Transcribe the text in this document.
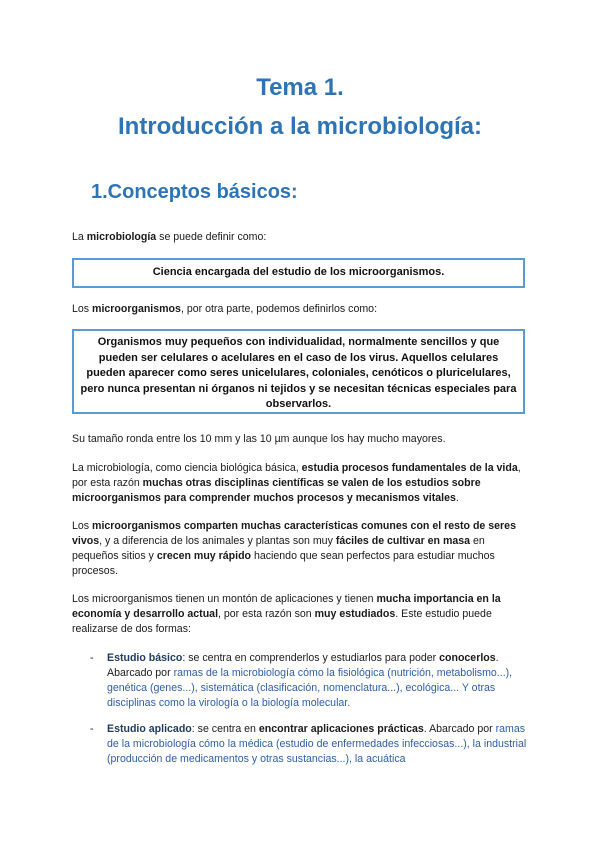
Tema 1.
Introducción a la microbiología:
1.Conceptos básicos:

La microbiología se puede definir como:

Ciencia encargada del estudio de los microorganismos.

Los microorganismos, por otra parte, podemos definirlos como:

Organismos muy pequeños con individualidad, normalmente sencillos y que pueden ser celulares o acelulares en el caso de los virus. Aquellos celulares pueden aparecer como seres unicelulares, coloniales, cenóticos o pluricelulares, pero nunca presentan ni órganos ni tejidos y se necesitan técnicas especiales para observarlos.

Su tamaño ronda entre los 10 mm y las 10 µm aunque los hay mucho mayores.

La microbiología, como ciencia biológica básica, estudia procesos fundamentales de la vida, por esta razón muchas otras disciplinas científicas se valen de los estudios sobre microorganismos para comprender muchos procesos y mecanismos vitales.

Los microorganismos comparten muchas características comunes con el resto de seres vivos, y a diferencia de los animales y plantas son muy fáciles de cultivar en masa en pequeños sitios y crecen muy rápido haciendo que sean perfectos para estudiar muchos procesos.

Los microorganismos tienen un montón de aplicaciones y tienen mucha importancia en la economía y desarrollo actual, por esta razón son muy estudiados. Este estudio puede realizarse de dos formas:

- Estudio básico: se centra en comprenderlos y estudiarlos para poder conocerlos. Abarcado por ramas de la microbiología cómo la fisiológica (nutrición, metabolismo...), genética (genes...), sistemática (clasificación, nomenclatura...), ecológica... Y otras disciplinas como la virología o la biología molecular.
- Estudio aplicado: se centra en encontrar aplicaciones prácticas. Abarcado por ramas de la microbiología cómo la médica (estudio de enfermedades infecciosas...), la industrial (producción de medicamentos y otras sustancias...), la acuática
